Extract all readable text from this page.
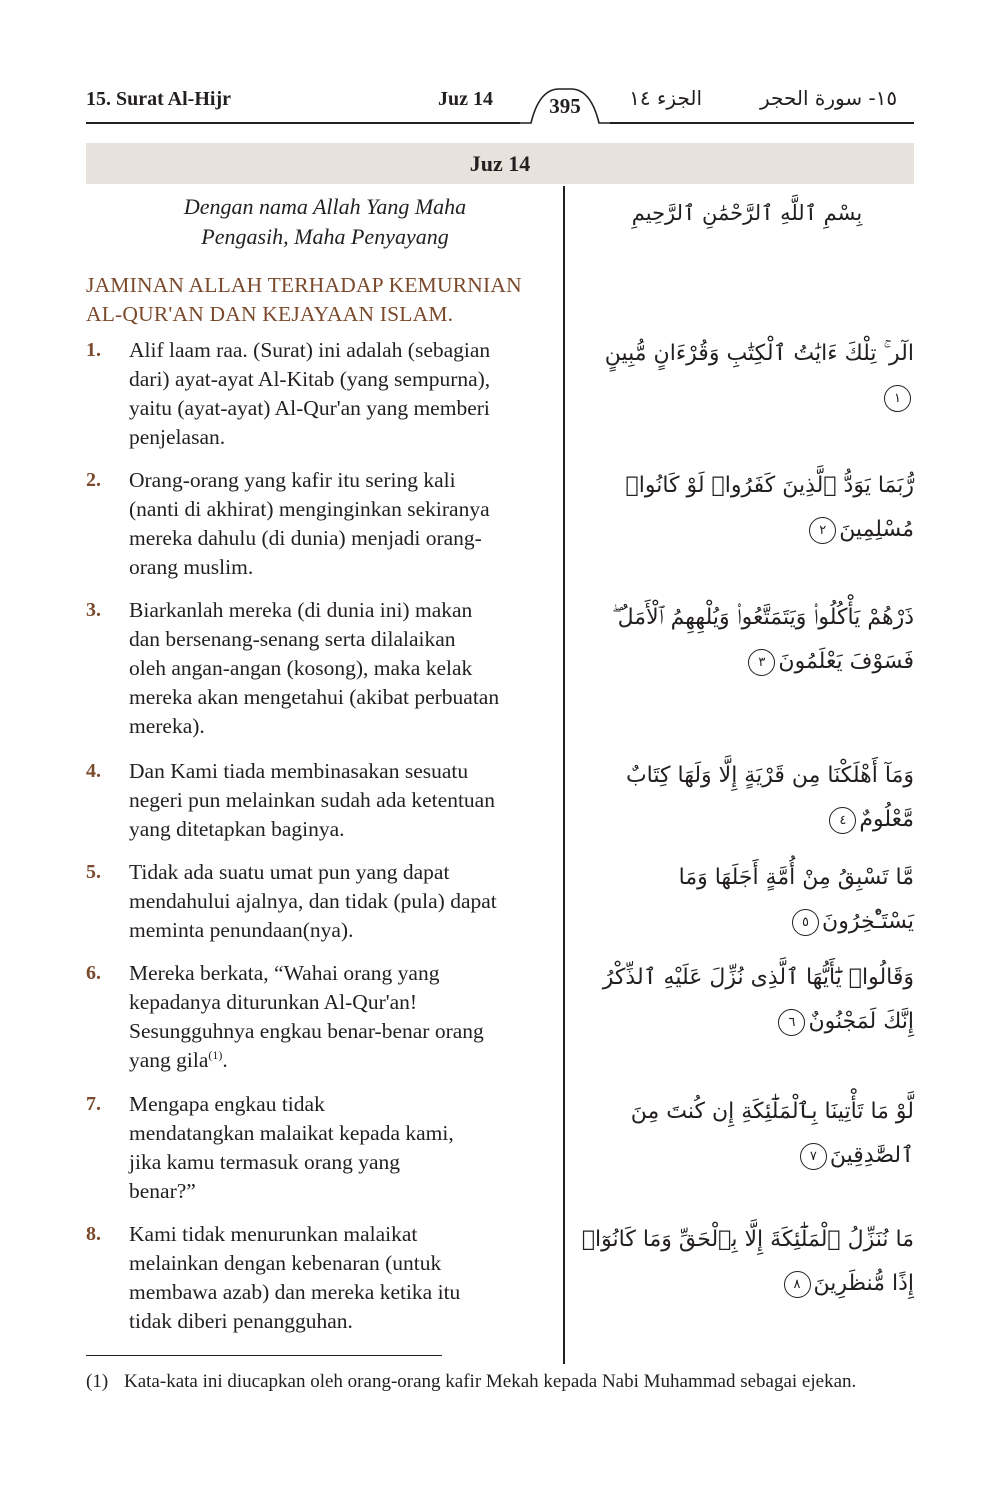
15. Surat Al-Hijr	Juz 14	395	الجزء ١٤	١٥- سورة الحجر
Juz 14
Dengan nama Allah Yang Maha
Pengasih, Maha Penyayang
بِسْمِ ٱللَّهِ ٱلرَّحْمَٰنِ ٱلرَّحِيمِ
JAMINAN ALLAH TERHADAP KEMURNIAN
AL-QUR'AN DAN KEJAYAAN ISLAM.
1.	Alif laam raa. (Surat) ini adalah (sebagian
dari) ayat-ayat Al-Kitab (yang sempurna),
yaitu (ayat-ayat) Al-Qur'an yang memberi
penjelasan.
الٓر ۚ تِلْكَ ءَايَٰتُ ٱلْكِتَٰبِ وَقُرْءَانٍ مُّبِينٍ١
2.	Orang-orang yang kafir itu sering kali
(nanti di akhirat) menginginkan sekiranya
mereka dahulu (di dunia) menjadi orang-
orang muslim.
رُّبَمَا يَوَدُّ ٱلَّذِينَ كَفَرُوا۟ لَوْ كَانُوا۟
مُسْلِمِينَ٢
3.	Biarkanlah mereka (di dunia ini) makan
dan bersenang-senang serta dilalaikan
oleh angan-angan (kosong), maka kelak
mereka akan mengetahui (akibat perbuatan
mereka).
ذَرْهُمْ يَأْكُلُوا۟ وَيَتَمَتَّعُوا۟ وَيُلْهِهِمُ ٱلْأَمَلُ ۖ
فَسَوْفَ يَعْلَمُونَ٣
4.	Dan Kami tiada membinasakan sesuatu
negeri pun melainkan sudah ada ketentuan
yang ditetapkan baginya.
وَمَآ أَهْلَكْنَا مِن قَرْيَةٍ إِلَّا وَلَهَا كِتَابٌ
مَّعْلُومٌ٤
5.	Tidak ada suatu umat pun yang dapat
mendahului ajalnya, dan tidak (pula) dapat
meminta penundaan(nya).
مَّا تَسْبِقُ مِنْ أُمَّةٍ أَجَلَهَا وَمَا يَسْتَـْٔخِرُونَ٥
6.	Mereka berkata, “Wahai orang yang
kepadanya diturunkan Al-Qur'an!
Sesungguhnya engkau benar-benar orang
yang gila$^{(1)}$.
وَقَالُوا۟ يَٰٓأَيُّهَا ٱلَّذِى نُزِّلَ عَلَيْهِ ٱلذِّكْرُ
إِنَّكَ لَمَجْنُونٌ٦
7.	Mengapa engkau tidak
mendatangkan malaikat kepada kami,
jika kamu termasuk orang yang
benar?”
لَّوْ مَا تَأْتِينَا بِٱلْمَلَٰٓئِكَةِ إِن كُنتَ مِنَ
ٱلصَّٰدِقِينَ٧
8.	Kami tidak menurunkan malaikat
melainkan dengan kebenaran (untuk
membawa azab) dan mereka ketika itu
tidak diberi penangguhan.
مَا نُنَزِّلُ ٱلْمَلَٰٓئِكَةَ إِلَّا بِٱلْحَقِّ وَمَا كَانُوٓا۟
إِذًا مُّنظَرِينَ٨
(1) Kata-kata ini diucapkan oleh orang-orang kafir Mekah kepada Nabi Muhammad sebagai ejekan.
